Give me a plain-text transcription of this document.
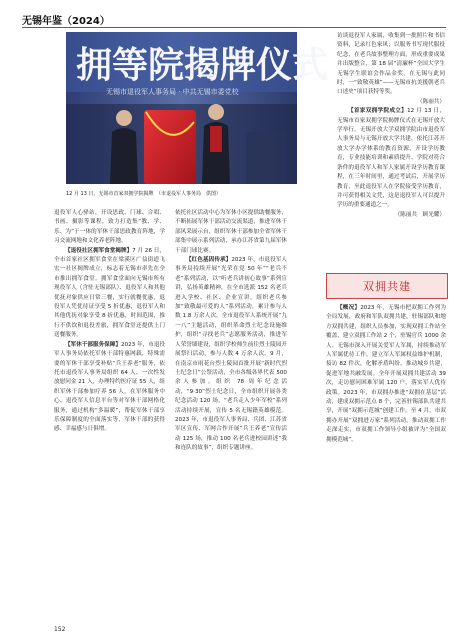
无锡年鉴（2024）
拥等院揭牌仪式
无锡市退役军人事务局 · 中共无锡市委党校
12 月 13 日，无锡市首家双拥学院揭牌　（市退役军人事务局　供图）

退役军人心驿站，开设思政、门球、合唱、书画、摄影等课程，致力打造集“教、学、乐、为”于一体的军休干部思政教育阵地，学习交流网地和文化养老阵地。

【退役社区拥军食堂揭牌】7 月 26 日，全市首家社区拥军食堂在梁溪区广益街道飞宏一社区揭牌成立，标志着无锡市率先在全市推出拥军食堂。拥军食堂面向无锡市所有现役军人（含驻无锡部队）、退役军人和其他优抚对象供应日常三餐，实行就餐优惠，退役军人凭优待证享受 5 折优惠，退役军人和其他优抚对象享受 8 折优惠，时间范围，推行不供饮和退役差旅，拥军食堂还提供上门送餐服务。

【军休干部服务保障】2023 年，市退役军人事务局依托军休干部特惠网载，特殊需要的军休干部享受补贴“兵王养老”服务，依托市退役军人事务局组织 64 人、一次性发放慰问金 21 人，办理特约医疗证 55 人，组织军休干部参加疗养 56 人，在军休服务中心、退役军人信息平台等对军休干部网格化服务，通过机构“多温暖”，帮促军休干部享乐保障制度的全面落实等，军休干部的获得感、幸福感与日俱增。

依托社区活动中心为军休小区提供助餐服务，不断拓展军休干部活动交流渠道，推进军休干部风采展示台，组织军休干部参加全省军休干部集中展示系列活动，承办江苏省第九届军休干部门球比赛。

【红色基因传承】2023 年，市退役军人事务局持续开展“光荣在党 50 年”“老兵不老”系列活动，以“听老兵讲初心故事”系列宣讲，弘扬英雄精神，在全市选派 152 名老兵进入学校、社区、企业宣讲，组织老兵参加“致敬最可爱的人”系列活动，累计参与人数 1.8 万余人次。全市退役军人系统开展“九一八”主题活动，组织革命烈士纪念设施维护，组织“寻找老兵”志愿服务活动，推进军人荣誉墙建设，组织学校师生前往烈士陵园开展祭扫活动，参与人数 4 万余人次。9 月，在南京市雨花台烈士陵园首批开展“新时代烈士纪念日”公祭活动，全市各级各界代表 500 余人参加。组织 78 周年纪念活动，“9·30”烈士纪念日，全市组织开展各类纪念活动 120 场，“老兵走入少年军校”系列活动持续开展，宣传 5 名无锡籍英雄模范。2023 年，市退役军人事务局、兵团、江苏省军区宣传、军网合作开展“兵王养老”宣传活动 125 场，推动 100 名老兵进校园讲述“我和连队的故事”，组织专题讲座。

访谈退役军人家属，收集到一批照片和书信资料，记录红色家风；以服务书写现代服役纪念，在老兵故事整理方面，形成重要成果并出版整合，第 18 届“清廉杯”全国大学生无锡学生联谊会作品金奖，在无锡与此同时，一“致敬英雄”——无锡市抗美援朝老兵口述史“项目获特等奖。

（陈丽共）

【首家双拥学院成立】12 月 13 日，无锡市首家双拥学院揭牌仪式在无锡开放大学举行。无锡开放大学双拥学院由市退役军人事务局与无锡开放大学共建，依托江苏开放大学办学体系的教育资源，开设学历教育，专业技能培训和素质提升、学院对符合条件的退役军人和军人家属开设学历教育课程，在三年时间里，通过考试后，开展学历教育，至此退役军人在学院接受学历教育，并可获得相关文凭，这是退役军人可以提升学历的重要通道之一。

（陈丽共　顾光耀）

双拥共建

【概况】2023 年，无锡市把双拥工作列为全局发展，政府和军队双拥共建，驻锡部队和地方双拥共建，组织人员参加，实现双拥工作站全覆盖，建立双拥工作站 2 个，驻锡官兵 1000 余人。无锡市深入开展关爱军人军属，持续推动军人军属优待工作，建立军人军属权益维护机制，接访 82 件次，化解矛盾纠纷，推动城乡共建，促进军地共融发展。全年开展双拥共建活动 39 次，走访慰问困难军属 120 户，落实军人优待政策。2023 年，市双拥办推进“双拥在基层”活动，建成双拥示范点 8 个，完善驻锡部队共建共享，开展“双拥示范城”创建工作。至 4 月，市双拥办开展“双拥进万家”系列活动，推动双拥工作走深走实，市双拥工作领导小组被评为“全国双拥模范城”。

152
